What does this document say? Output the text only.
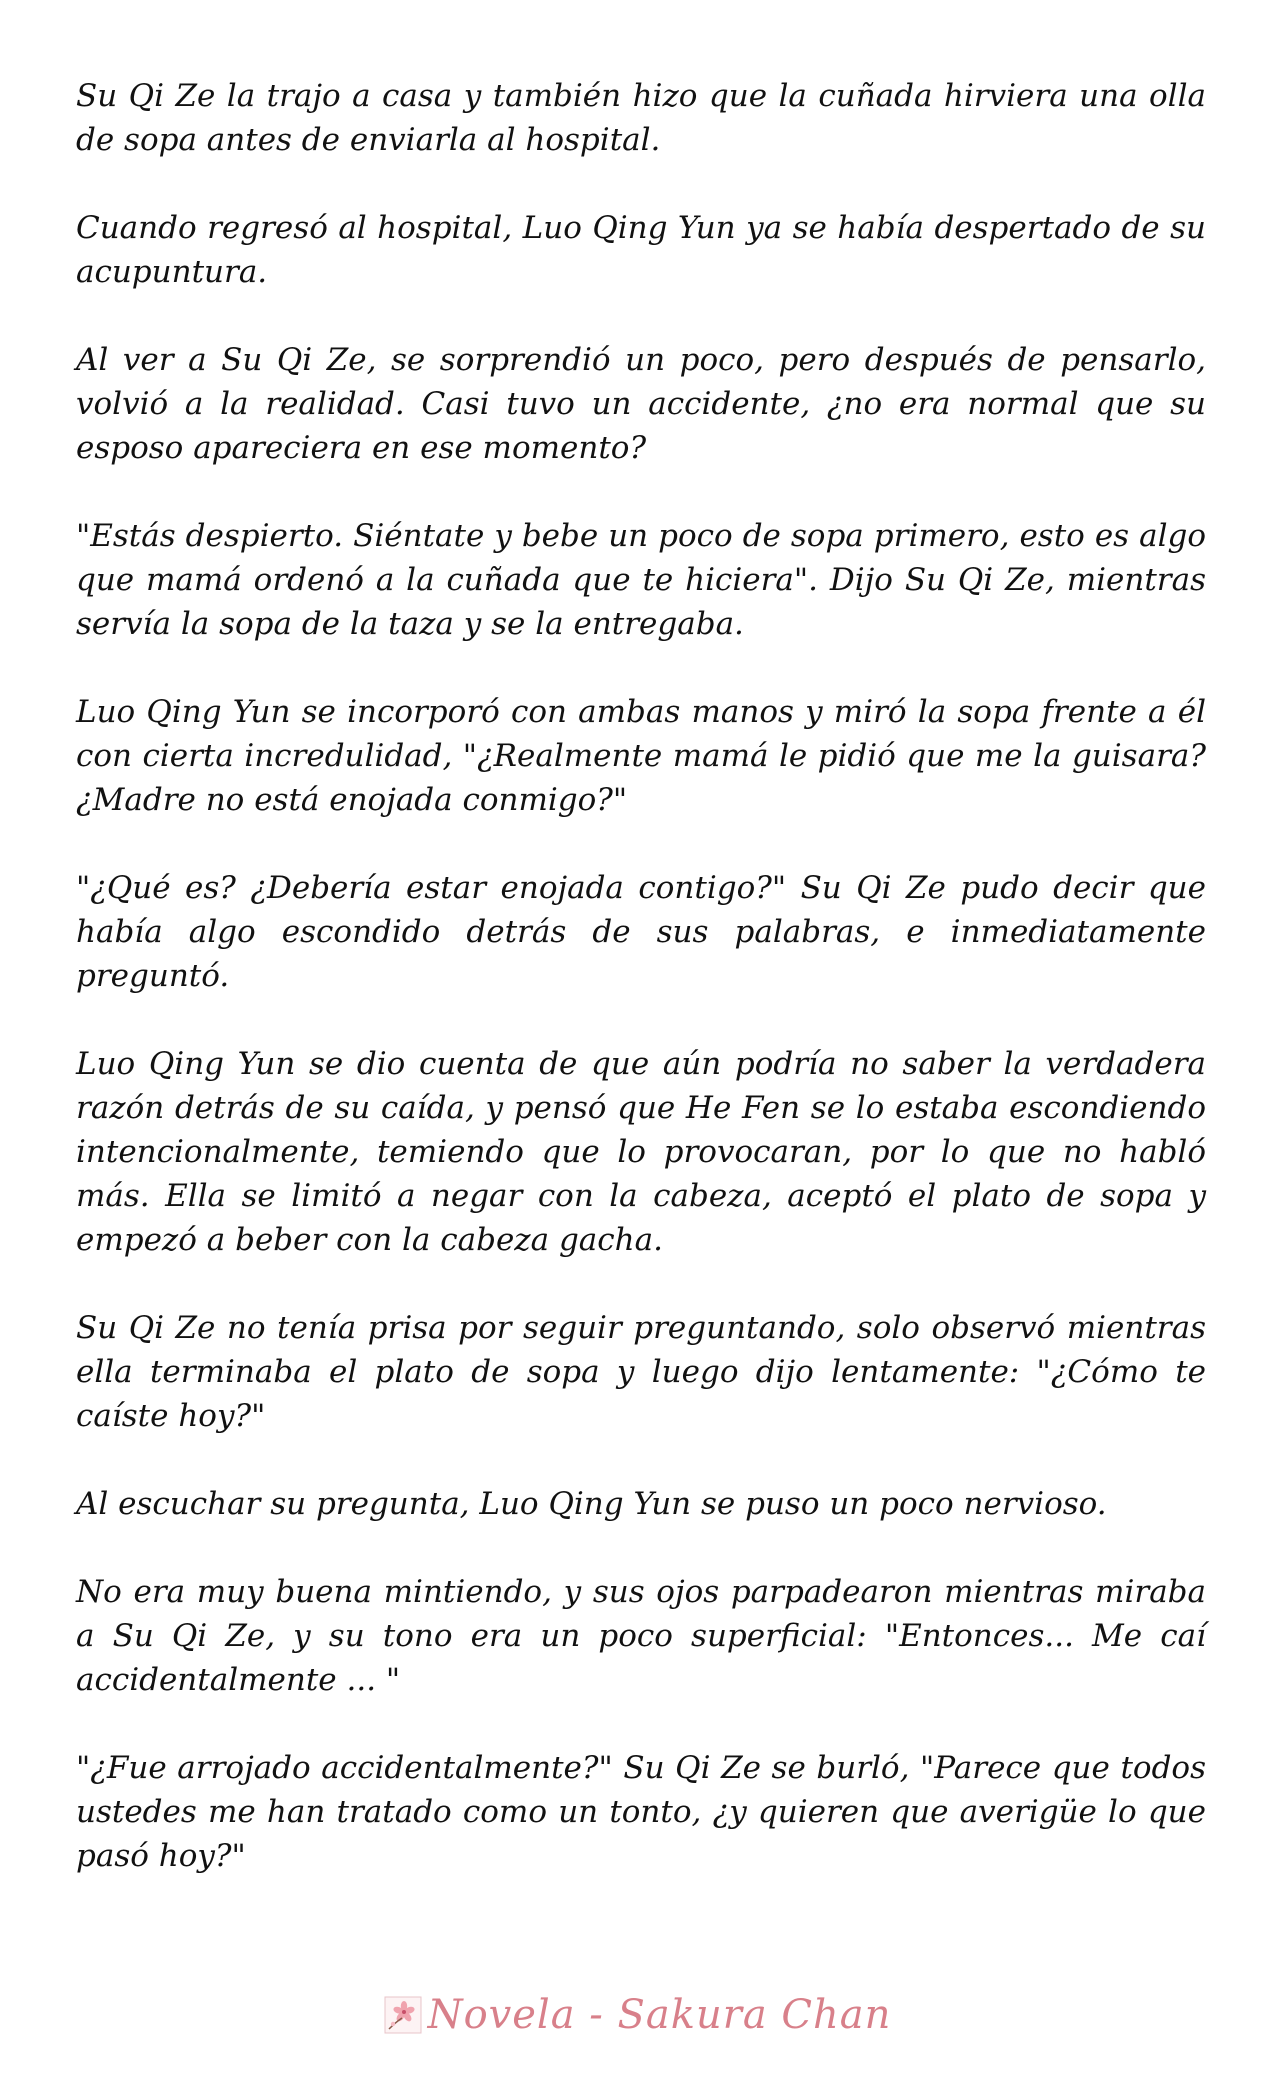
Su Qi Ze la trajo a casa y también hizo que la cuñada hirviera una olla de sopa antes de enviarla al hospital.

Cuando regresó al hospital, Luo Qing Yun ya se había despertado de su acupuntura.

Al ver a Su Qi Ze, se sorprendió un poco, pero después de pensarlo, volvió a la realidad. Casi tuvo un accidente, ¿no era normal que su esposo apareciera en ese momento?

"Estás despierto. Siéntate y bebe un poco de sopa primero, esto es algo que mamá ordenó a la cuñada que te hiciera". Dijo Su Qi Ze, mientras servía la sopa de la taza y se la entregaba.

Luo Qing Yun se incorporó con ambas manos y miró la sopa frente a él con cierta incredulidad, "¿Realmente mamá le pidió que me la guisara? ¿Madre no está enojada conmigo?"

"¿Qué es? ¿Debería estar enojada contigo?" Su Qi Ze pudo decir que había algo escondido detrás de sus palabras, e inmediatamente preguntó.

Luo Qing Yun se dio cuenta de que aún podría no saber la verdadera razón detrás de su caída, y pensó que He Fen se lo estaba escondiendo intencionalmente, temiendo que lo provocaran, por lo que no habló más. Ella se limitó a negar con la cabeza, aceptó el plato de sopa y empezó a beber con la cabeza gacha.

Su Qi Ze no tenía prisa por seguir preguntando, solo observó mientras ella terminaba el plato de sopa y luego dijo lentamente: "¿Cómo te caíste hoy?"

Al escuchar su pregunta, Luo Qing Yun se puso un poco nervioso.

No era muy buena mintiendo, y sus ojos parpadearon mientras miraba a Su Qi Ze, y su tono era un poco superficial: "Entonces... Me caí accidentalmente ... "

"¿Fue arrojado accidentalmente?" Su Qi Ze se burló, "Parece que todos ustedes me han tratado como un tonto, ¿y quieren que averigüe lo que pasó hoy?"

Novela - Sakura Chan
